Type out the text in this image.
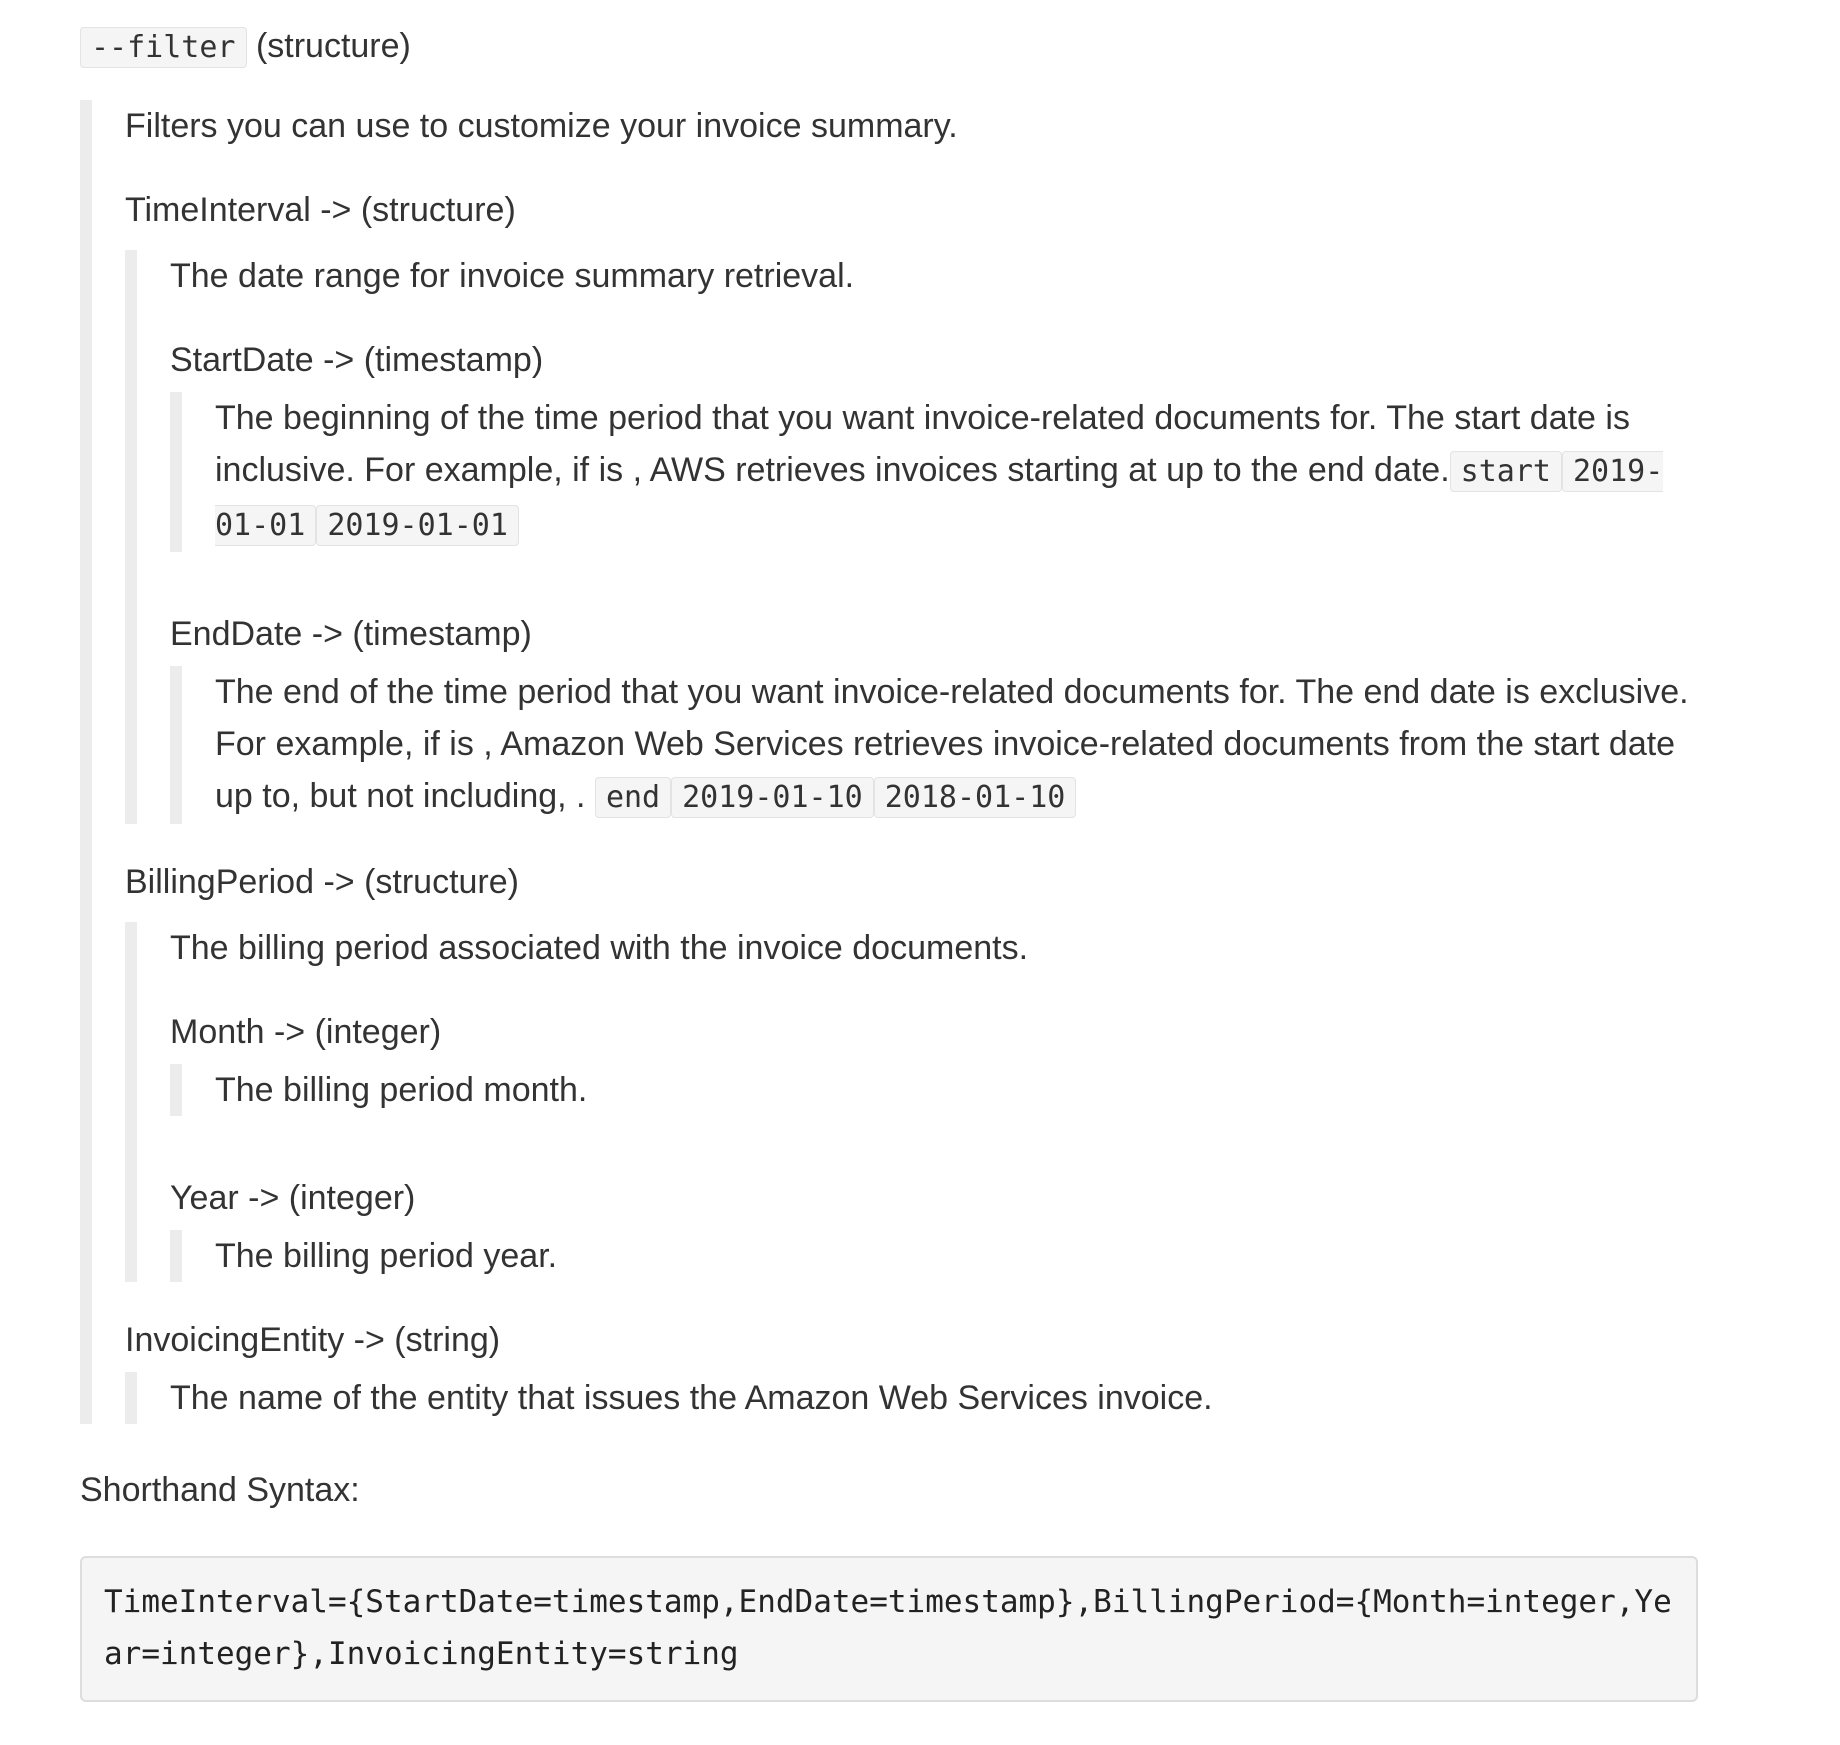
--filter (structure)

Filters you can use to customize your invoice summary.

TimeInterval -> (structure)

The date range for invoice summary retrieval.

StartDate -> (timestamp)

The beginning of the time period that you want invoice-related documents for. The start date is inclusive. For example, if is , AWS retrieves invoices starting at up to the end date. start 2019-01-01 2019-01-01

EndDate -> (timestamp)

The end of the time period that you want invoice-related documents for. The end date is exclusive. For example, if is , Amazon Web Services retrieves invoice-related documents from the start date up to, but not including, . end 2019-01-10 2018-01-10

BillingPeriod -> (structure)

The billing period associated with the invoice documents.

Month -> (integer)

The billing period month.

Year -> (integer)

The billing period year.

InvoicingEntity -> (string)

The name of the entity that issues the Amazon Web Services invoice.

Shorthand Syntax:

TimeInterval={StartDate=timestamp,EndDate=timestamp},BillingPeriod={Month=integer,Year=integer},InvoicingEntity=string
